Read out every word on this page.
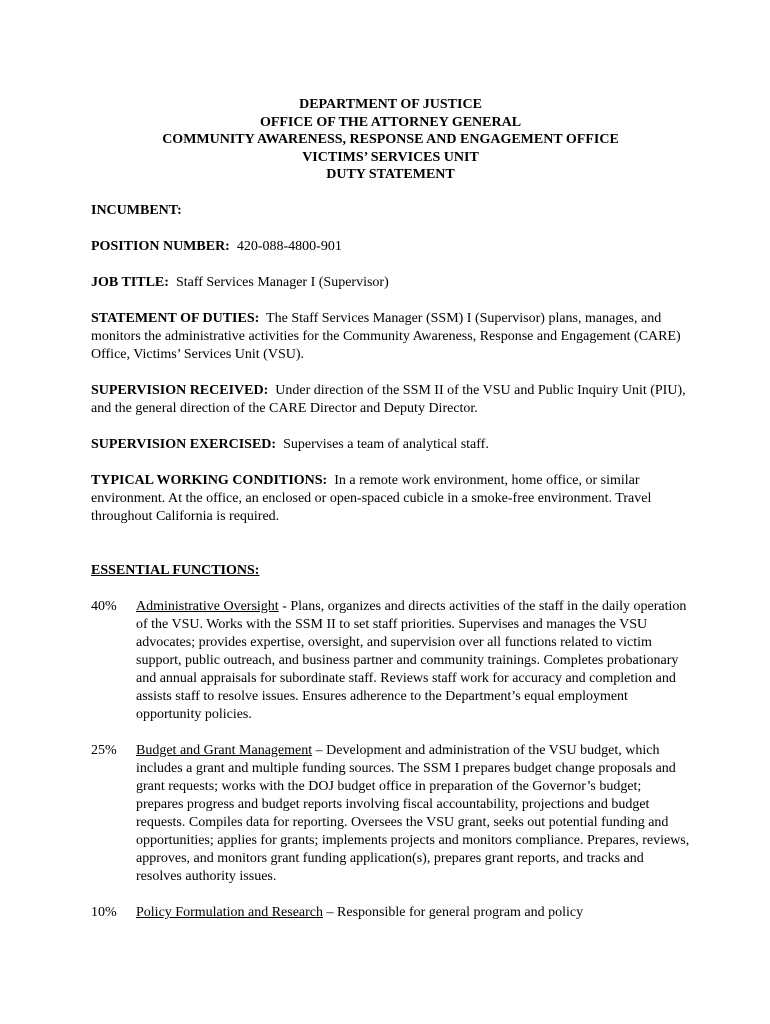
DEPARTMENT OF JUSTICE
OFFICE OF THE ATTORNEY GENERAL
COMMUNITY AWARENESS, RESPONSE AND ENGAGEMENT OFFICE
VICTIMS’ SERVICES UNIT
DUTY STATEMENT
INCUMBENT:
POSITION NUMBER: 420-088-4800-901
JOB TITLE: Staff Services Manager I (Supervisor)
STATEMENT OF DUTIES: The Staff Services Manager (SSM) I (Supervisor) plans, manages, and monitors the administrative activities for the Community Awareness, Response and Engagement (CARE) Office, Victims’ Services Unit (VSU).
SUPERVISION RECEIVED: Under direction of the SSM II of the VSU and Public Inquiry Unit (PIU), and the general direction of the CARE Director and Deputy Director.
SUPERVISION EXERCISED: Supervises a team of analytical staff.
TYPICAL WORKING CONDITIONS: In a remote work environment, home office, or similar environment. At the office, an enclosed or open-spaced cubicle in a smoke-free environment. Travel throughout California is required.
ESSENTIAL FUNCTIONS:
40%	Administrative Oversight - Plans, organizes and directs activities of the staff in the daily operation of the VSU. Works with the SSM II to set staff priorities. Supervises and manages the VSU advocates; provides expertise, oversight, and supervision over all functions related to victim support, public outreach, and business partner and community trainings. Completes probationary and annual appraisals for subordinate staff. Reviews staff work for accuracy and completion and assists staff to resolve issues. Ensures adherence to the Department’s equal employment opportunity policies.
25%	Budget and Grant Management – Development and administration of the VSU budget, which includes a grant and multiple funding sources. The SSM I prepares budget change proposals and grant requests; works with the DOJ budget office in preparation of the Governor’s budget; prepares progress and budget reports involving fiscal accountability, projections and budget requests. Compiles data for reporting. Oversees the VSU grant, seeks out potential funding and opportunities; applies for grants; implements projects and monitors compliance. Prepares, reviews, approves, and monitors grant funding application(s), prepares grant reports, and tracks and resolves authority issues.
10%	Policy Formulation and Research – Responsible for general program and policy
